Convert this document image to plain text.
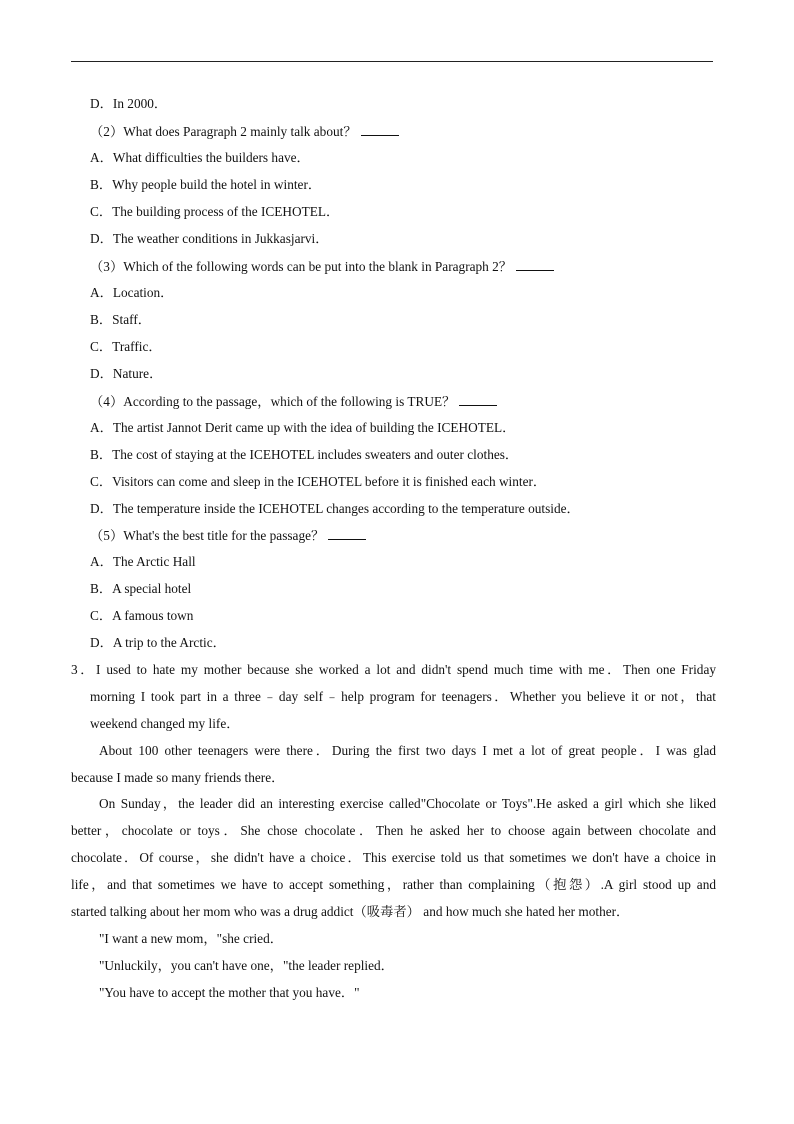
D．In 2000．
（2）What does Paragraph 2 mainly talk about？
A．What difficulties the builders have．
B．Why people build the hotel in winter．
C．The building process of the ICEHOTEL．
D．The weather conditions in Jukkasjarvi．
（3）Which of the following words can be put into the blank in Paragraph 2？
A．Location．
B．Staff．
C．Traffic．
D．Nature．
（4）According to the passage，which of the following is TRUE？
A．The artist Jannot Derit came up with the idea of building the ICEHOTEL．
B．The cost of staying at the ICEHOTEL includes sweaters and outer clothes．
C．Visitors can come and sleep in the ICEHOTEL before it is finished each winter．
D．The temperature inside the ICEHOTEL changes according to the temperature outside．
（5）What's the best title for the passage？
A．The Arctic Hall
B．A special hotel
C．A famous town
D．A trip to the Arctic．
3．I used to hate my mother because she worked a lot and didn't spend much time with me．Then one Friday
morning I took part in a three﹣day self﹣help program for teenagers．Whether you believe it or not，that
weekend changed my life．
About 100 other teenagers were there．During the first two days I met a lot of great people．I was glad
because I made so many friends there．
On Sunday，the leader did an interesting exercise called"Chocolate or Toys".He asked a girl which she liked
better，chocolate or toys．She chose chocolate．Then he asked her to choose again between chocolate and
chocolate．Of course，she didn't have a choice．This exercise told us that sometimes we don't have a choice in
life，and that sometimes we have to accept something，rather than complaining（抱怨）.A girl stood up and
started talking about her mom who was a drug addict（吸毒者） and how much she hated her mother．
"I want a new mom，"she cried．
"Unluckily，you can't have one，"the leader replied．
"You have to accept the mother that you have．"
